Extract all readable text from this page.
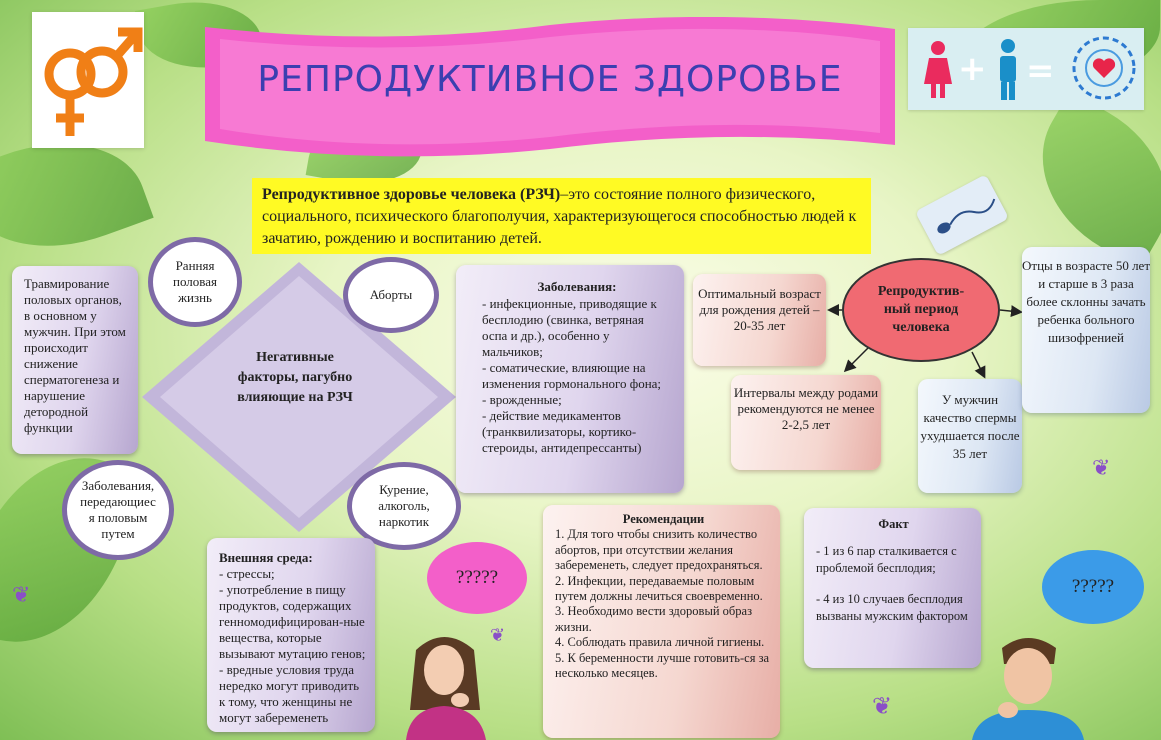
РЕПРОДУКТИВНОЕ ЗДОРОВЬЕ	+ =
Репродуктивное здоровье человека (РЗЧ)–это состояние полного физического, социального, психического благополучия, характеризующегося способностью людей к зачатию, рождению и воспитанию детей.
Травмирование половых органов, в основном у мужчин. При этом происходит снижение сперматогенеза и нарушение детородной функции
Негативные факторы, пагубно влияющие на РЗЧ
Ранняя половая жизнь	Аборты
Заболевания, передающиес я половым путем
Курение, алкоголь, наркотик
Заболевания:
- инфекционные, приводящие к бесплодию (свинка, ветряная оспа и др.), особенно у мальчиков;
- соматические, влияющие на изменения гормонального фона;
- врожденные;
- действие медикаментов (транквилизаторы, кортико-стероиды, антидепрессанты)
Внешняя среда:
- стрессы;
- употребление в пищу продуктов, содержащих генномодифицирован-ные вещества, которые вызывают мутацию генов;
- вредные условия труда нередко могут приводить к тому, что женщины не могут забеременеть
Репродуктив-ный период человека
Оптимальный возраст для рождения детей – 20-35 лет
Интервалы между родами рекомендуются не менее 2-2,5 лет
У мужчин качество спермы ухудшается после 35 лет
Отцы в возрасте 50 лет и старше в 3 раза более склонны зачать ребенка больного шизофренией
Рекомендации
1. Для того чтобы снизить количество абортов, при отсутствии желания забеременеть, следует предохраняться.
2. Инфекции, передаваемые половым путем должны лечиться своевременно.
3. Необходимо вести здоровый образ жизни.
4. Соблюдать правила личной гигиены.
5. К беременности лучше готовить-ся за несколько месяцев.
Факт
- 1 из 6 пар сталкивается с проблемой бесплодия;
- 4 из 10 случаев бесплодия вызваны мужским фактором
?????	?????
❦
❦
❦
❦
